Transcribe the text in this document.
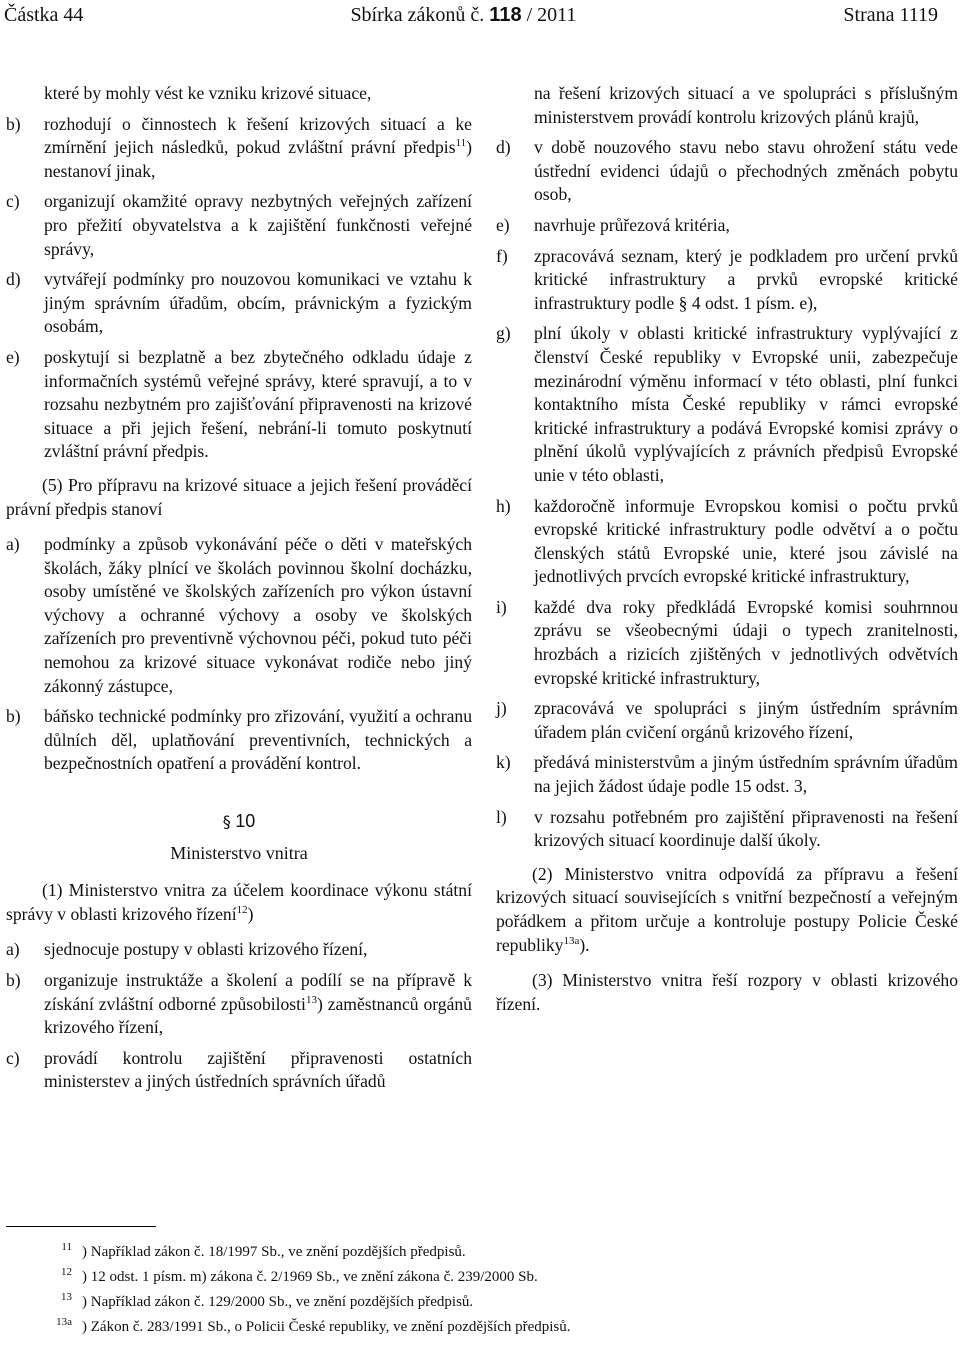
Částka 44	Sbírka zákonů č. 118 / 2011	Strana 1119
které by mohly vést ke vzniku krizové situace,
b)	rozhodují o činnostech k řešení krizových situací a ke zmírnění jejich následků, pokud zvláštní právní předpis$^{11}$) nestanoví jinak,
c)	organizují okamžité opravy nezbytných veřejných zařízení pro přežití obyvatelstva a k zajištění funkčnosti veřejné správy,
d)	vytvářejí podmínky pro nouzovou komunikaci ve vztahu k jiným správním úřadům, obcím, právnickým a fyzickým osobám,
e)	poskytují si bezplatně a bez zbytečného odkladu údaje z informačních systémů veřejné správy, které spravují, a to v rozsahu nezbytném pro zajišťování připravenosti na krizové situace a při jejich řešení, nebrání-li tomuto poskytnutí zvláštní právní předpis.
(5) Pro přípravu na krizové situace a jejich řešení prováděcí právní předpis stanoví
a)	podmínky a způsob vykonávání péče o děti v mateřských školách, žáky plnící ve školách povinnou školní docházku, osoby umístěné ve školských zařízeních pro výkon ústavní výchovy a ochranné výchovy a osoby ve školských zařízeních pro preventivně výchovnou péči, pokud tuto péči nemohou za krizové situace vykonávat rodiče nebo jiný zákonný zástupce,
b)	báňsko technické podmínky pro zřizování, využití a ochranu důlních děl, uplatňování preventivních, technických a bezpečnostních opatření a provádění kontrol.
§ 10
Ministerstvo vnitra
(1) Ministerstvo vnitra za účelem koordinace výkonu státní správy v oblasti krizového řízení$^{12}$)
a)	sjednocuje postupy v oblasti krizového řízení,
b)	organizuje instruktáže a školení a podílí se na přípravě k získání zvláštní odborné způsobilosti$^{13}$) zaměstnanců orgánů krizového řízení,
c)	provádí kontrolu zajištění připravenosti ostatních ministerstev a jiných ústředních správních úřadů
na řešení krizových situací a ve spolupráci s příslušným ministerstvem provádí kontrolu krizových plánů krajů,
d)	v době nouzového stavu nebo stavu ohrožení státu vede ústřední evidenci údajů o přechodných změnách pobytu osob,
e)	navrhuje průřezová kritéria,
f)	zpracovává seznam, který je podkladem pro určení prvků kritické infrastruktury a prvků evropské kritické infrastruktury podle § 4 odst. 1 písm. e),
g)	plní úkoly v oblasti kritické infrastruktury vyplývající z členství České republiky v Evropské unii, zabezpečuje mezinárodní výměnu informací v této oblasti, plní funkci kontaktního místa České republiky v rámci evropské kritické infrastruktury a podává Evropské komisi zprávy o plnění úkolů vyplývajících z právních předpisů Evropské unie v této oblasti,
h)	každoročně informuje Evropskou komisi o počtu prvků evropské kritické infrastruktury podle odvětví a o počtu členských států Evropské unie, které jsou závislé na jednotlivých prvcích evropské kritické infrastruktury,
i)	každé dva roky předkládá Evropské komisi souhrnnou zprávu se všeobecnými údaji o typech zranitelnosti, hrozbách a rizicích zjištěných v jednotlivých odvětvích evropské kritické infrastruktury,
j)	zpracovává ve spolupráci s jiným ústředním správním úřadem plán cvičení orgánů krizového řízení,
k)	předává ministerstvům a jiným ústředním správním úřadům na jejich žádost údaje podle 15 odst. 3,
l)	v rozsahu potřebném pro zajištění připravenosti na řešení krizových situací koordinuje další úkoly.
(2) Ministerstvo vnitra odpovídá za přípravu a řešení krizových situací souvisejících s vnitřní bezpečností a veřejným pořádkem a přitom určuje a kontroluje postupy Policie České republiky$^{13a}$).
(3) Ministerstvo vnitra řeší rozpory v oblasti krizového řízení.
$^{11}$ ) Například zákon č. 18/1997 Sb., ve znění pozdějších předpisů.
$^{12}$ ) 12 odst. 1 písm. m) zákona č. 2/1969 Sb., ve znění zákona č. 239/2000 Sb.
$^{13}$ ) Například zákon č. 129/2000 Sb., ve znění pozdějších předpisů.
$^{13a}$ ) Zákon č. 283/1991 Sb., o Policii České republiky, ve znění pozdějších předpisů.
